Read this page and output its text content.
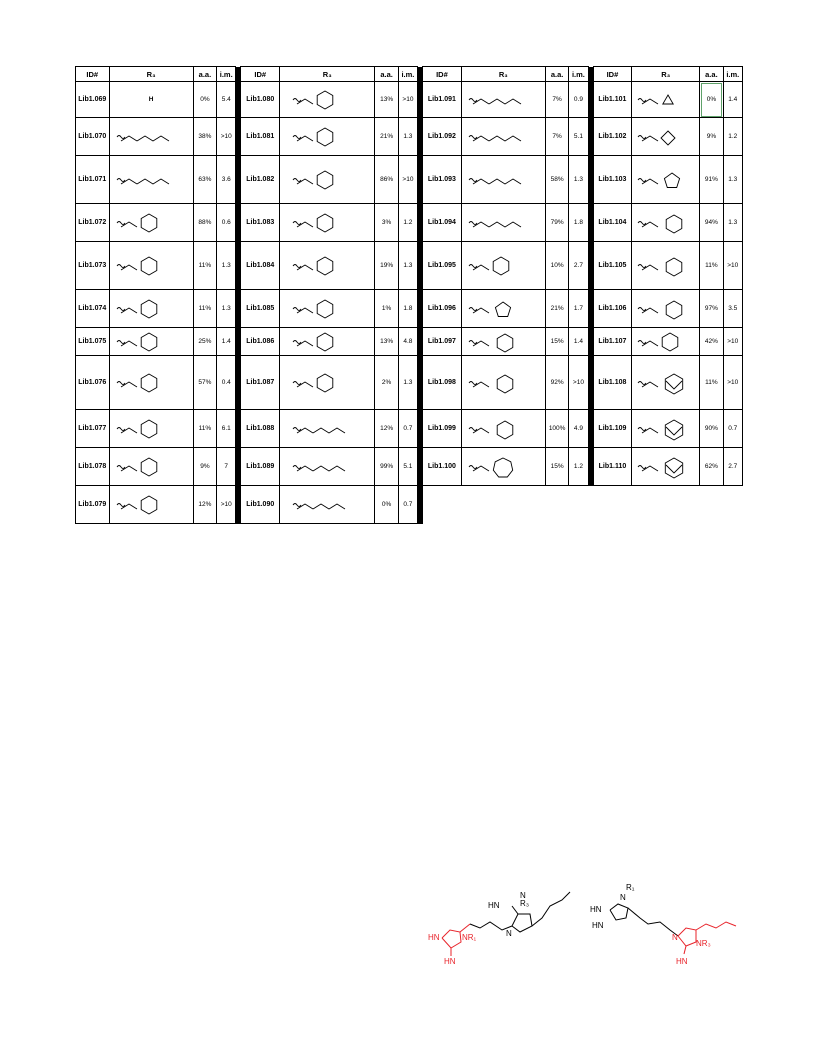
ID#	R₃	a.a.	i.m.		ID#	R₃	a.a.	i.m.		ID#	R₃	a.a.	i.m.		ID#	R₃	a.a.	i.m.
Lib1.069	H	0%	5.4		Lib1.080		13%	>10		Lib1.091		7%	0.9		Lib1.101		0%	1.4
Lib1.070		38%	>10		Lib1.081		21%	1.3		Lib1.092		7%	5.1		Lib1.102		9%	1.2
Lib1.071		63%	3.6		Lib1.082		86%	>10		Lib1.093		58%	1.3		Lib1.103		91%	1.3
Lib1.072		88%	0.6		Lib1.083		3%	1.2		Lib1.094		79%	1.8		Lib1.104		94%	1.3
Lib1.073		11%	1.3		Lib1.084		19%	1.3		Lib1.095		10%	2.7		Lib1.105		11%	>10
Lib1.074		11%	1.3		Lib1.085		1%	1.8		Lib1.096		21%	1.7		Lib1.106		97%	3.5
Lib1.075		25%	1.4		Lib1.086		13%	4.8		Lib1.097		15%	1.4		Lib1.107		42%	>10
Lib1.076		57%	0.4		Lib1.087		2%	1.3		Lib1.098		92%	>10		Lib1.108		11%	>10
Lib1.077		11%	6.1		Lib1.088		12%	0.7		Lib1.099		100%	4.9		Lib1.109		90%	0.7
Lib1.078		9%	7		Lib1.089		99%	5.1		Lib1.100		15%	1.2		Lib1.110		62%	2.7
Lib1.079		12%	>10		Lib1.090		0%	0.7										
HN	NR₁
HN
HN	R₃
N
N
HN
HN
N
R₁
N
NR₃
HN
